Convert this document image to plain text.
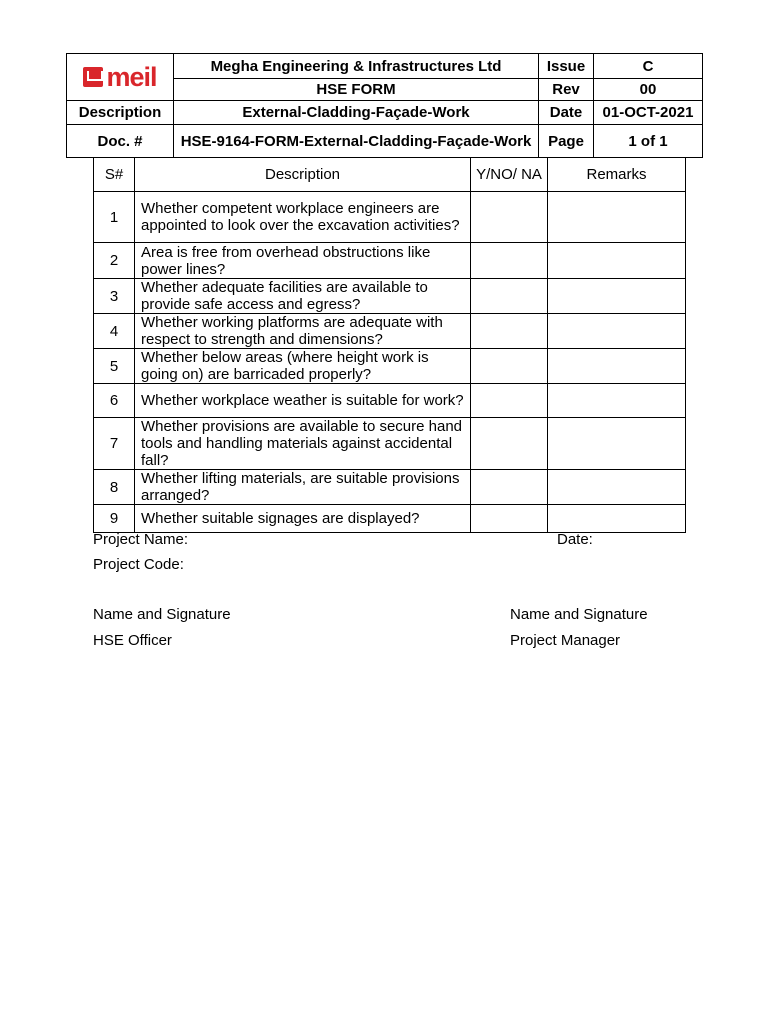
meil	Megha Engineering & Infrastructures Ltd	Issue	C
	HSE FORM	Rev	00
Description	External-Cladding-Façade-Work	Date	01-OCT-2021
Doc. #	HSE-9164-FORM-External-Cladding-Façade-Work	Page	1 of 1
S#	Description	Y/NO/ NA	Remarks
1	Whether competent workplace engineers are appointed to look over the excavation activities?		
2	Area is free from overhead obstructions like power lines?		
3	Whether adequate facilities are available to provide safe access and egress?		
4	Whether working platforms are adequate with respect to strength and dimensions?		
5	Whether below areas (where height work is going on) are barricaded properly?		
6	Whether workplace weather is suitable for work?		
7	Whether provisions are available to secure hand tools and handling materials against accidental fall?		
8	Whether lifting materials, are suitable provisions arranged?		
9	Whether suitable signages are displayed?		
Project Name:	Date:
Project Code:
Name and Signature	Name and Signature
HSE Officer	Project Manager
